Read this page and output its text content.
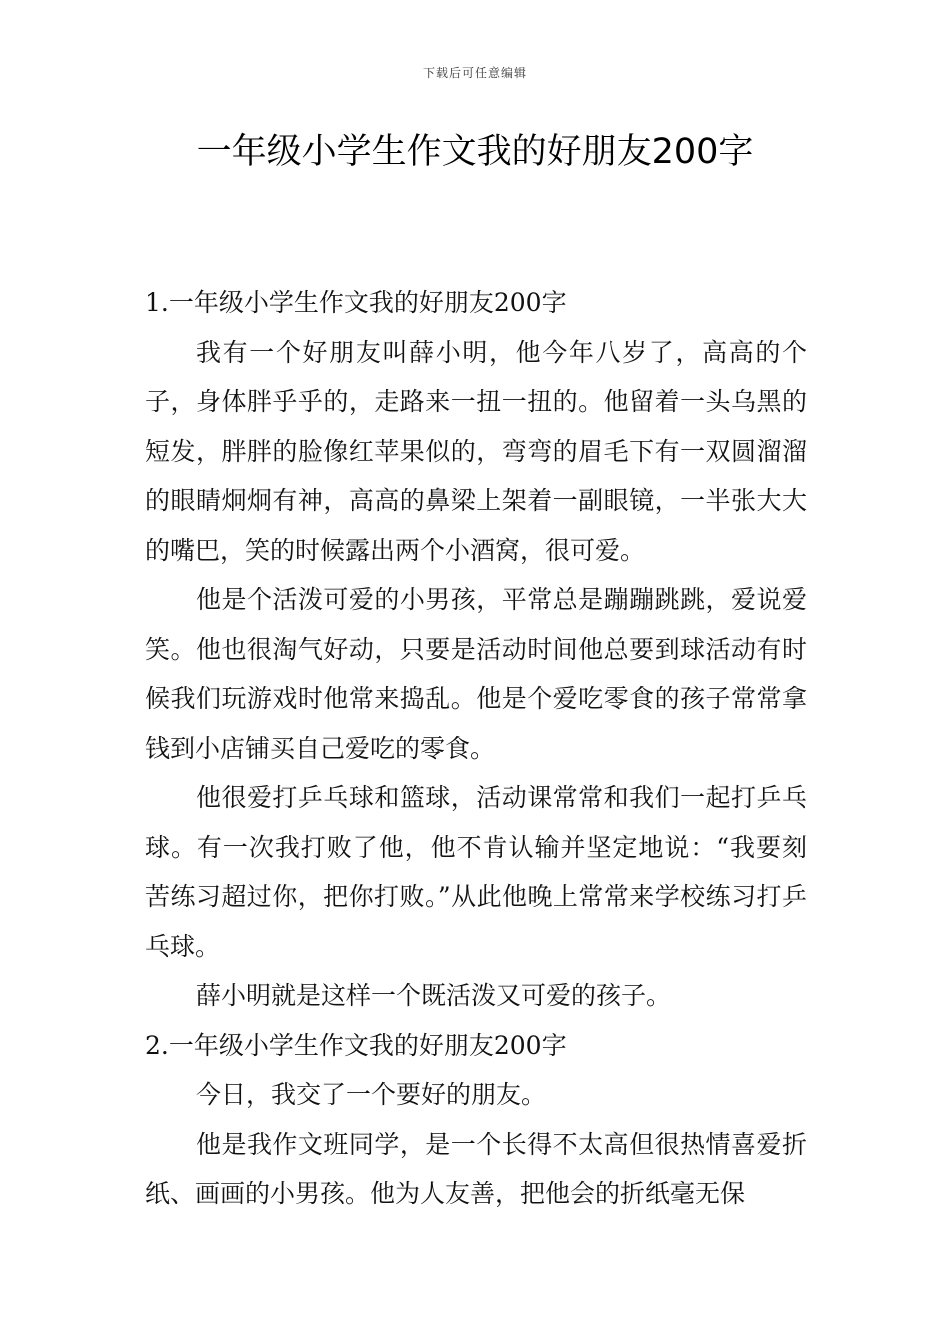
下载后可任意编辑
一年级小学生作文我的好朋友200字

1.一年级小学生作文我的好朋友200字

我有一个好朋友叫薛小明，他今年八岁了，高高的个子，身体胖乎乎的，走路来一扭一扭的。他留着一头乌黑的短发，胖胖的脸像红苹果似的，弯弯的眉毛下有一双圆溜溜的眼睛炯炯有神，高高的鼻梁上架着一副眼镜，一半张大大的嘴巴，笑的时候露出两个小酒窝，很可爱。

他是个活泼可爱的小男孩，平常总是蹦蹦跳跳，爱说爱笑。他也很淘气好动，只要是活动时间他总要到球活动有时候我们玩游戏时他常来捣乱。他是个爱吃零食的孩子常常拿钱到小店铺买自己爱吃的零食。

他很爱打乒乓球和篮球，活动课常常和我们一起打乒乓球。有一次我打败了他，他不肯认输并坚定地说：“我要刻苦练习超过你，把你打败。”从此他晚上常常来学校练习打乒乓球。

薛小明就是这样一个既活泼又可爱的孩子。

2.一年级小学生作文我的好朋友200字

今日，我交了一个要好的朋友。

他是我作文班同学，是一个长得不太高但很热情喜爱折纸、画画的小男孩。他为人友善，把他会的折纸毫无保
